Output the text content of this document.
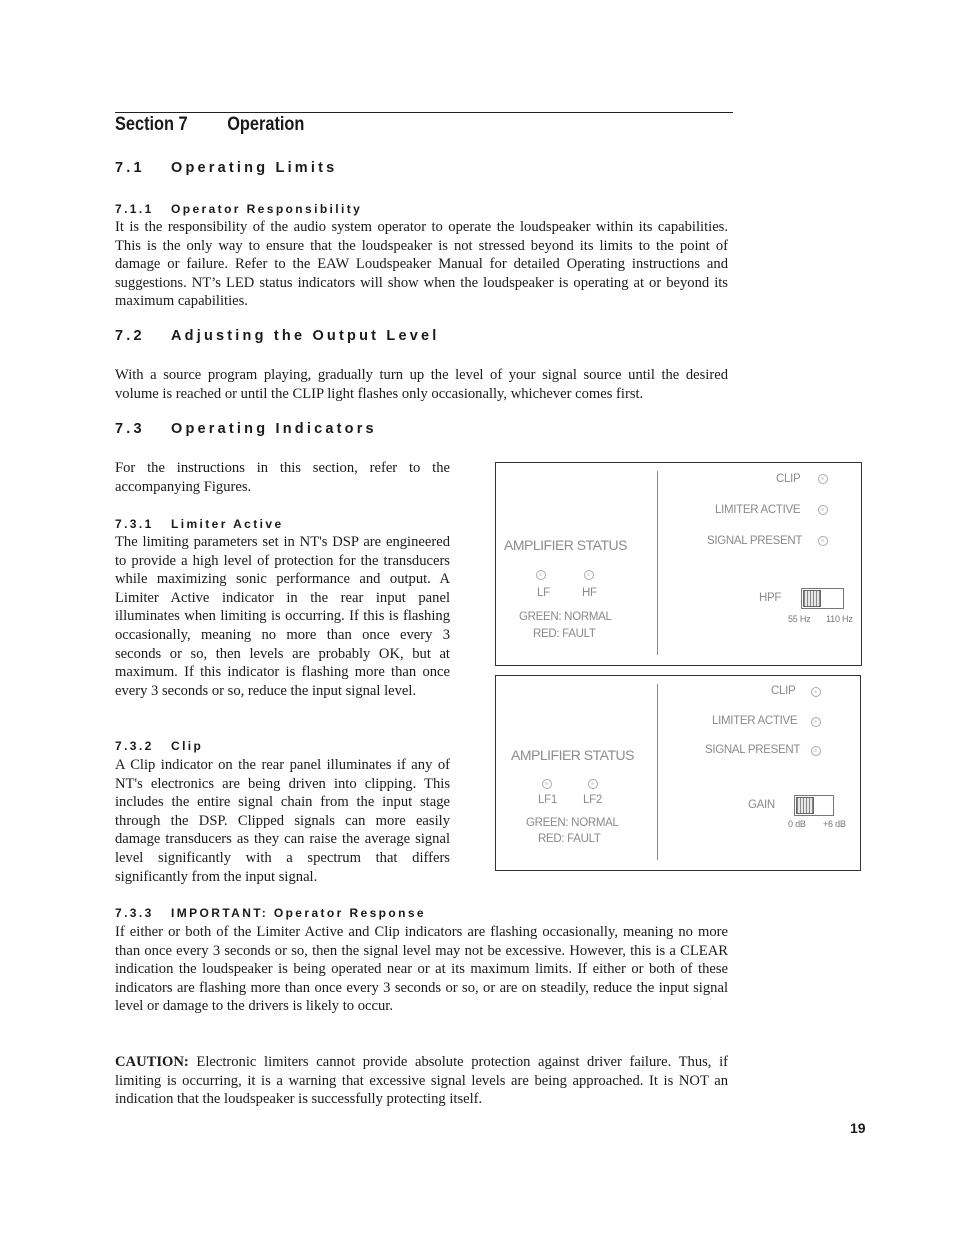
Section 7 Operation
7.1 Operating Limits
7.1.1 Operator Responsibility

It is the responsibility of the audio system operator to operate the loudspeaker within its capabilities. This is the only way to ensure that the loudspeaker is not stressed beyond its limits to the point of damage or failure. Refer to the EAW Loudspeaker Manual for detailed Operating instructions and suggestions. NT’s LED status indicators will show when the loudspeaker is operating at or beyond its maximum capabilities.

7.2 Adjusting the Output Level

With a source program playing, gradually turn up the level of your signal source until the desired volume is reached or until the CLIP light flashes only occasionally, whichever comes first.

7.3 Operating Indicators

For the instructions in this section, refer to the accompanying Figures.

7.3.1 Limiter Active

The limiting parameters set in NT's DSP are engineered to provide a high level of protection for the transducers while maximizing sonic performance and output. A Limiter Active indicator in the rear input panel illuminates when limiting is occurring. If this is flashing occasionally, meaning no more than once every 3 seconds or so, then levels are probably OK, but at maximum. If this indicator is flashing more than once every 3 seconds or so, reduce the input signal level.

7.3.2 Clip

A Clip indicator on the rear panel illuminates if any of NT's electronics are being driven into clipping. This includes the entire signal chain from the input stage through the DSP. Clipped signals can more easily damage transducers as they can raise the average signal level significantly with a spectrum that differs significantly from the input signal.

7.3.3 IMPORTANT: Operator Response

If either or both of the Limiter Active and Clip indicators are flashing occasionally, meaning no more than once every 3 seconds or so, then the signal level may not be excessive. However, this is a CLEAR indication the loudspeaker is being operated near or at its maximum limits. If either or both of these indicators are flashing more than once every 3 seconds or so, or are on steadily, reduce the input signal level or damage to the drivers is likely to occur.

CAUTION: Electronic limiters cannot provide absolute protection against driver failure. Thus, if limiting is occurring, it is a warning that excessive signal levels are being approached. It is NOT an indication that the loudspeaker is successfully protecting itself.

AMPLIFIER STATUS
LF	HF
GREEN: NORMAL
RED: FAULT
CLIP
LIMITER ACTIVE
SIGNAL PRESENT
HPF
55 Hz 110 Hz
AMPLIFIER STATUS
LF1 LF2
GREEN: NORMAL
RED: FAULT
CLIP
LIMITER ACTIVE
SIGNAL PRESENT
GAIN
0 dB +6 dB
19
